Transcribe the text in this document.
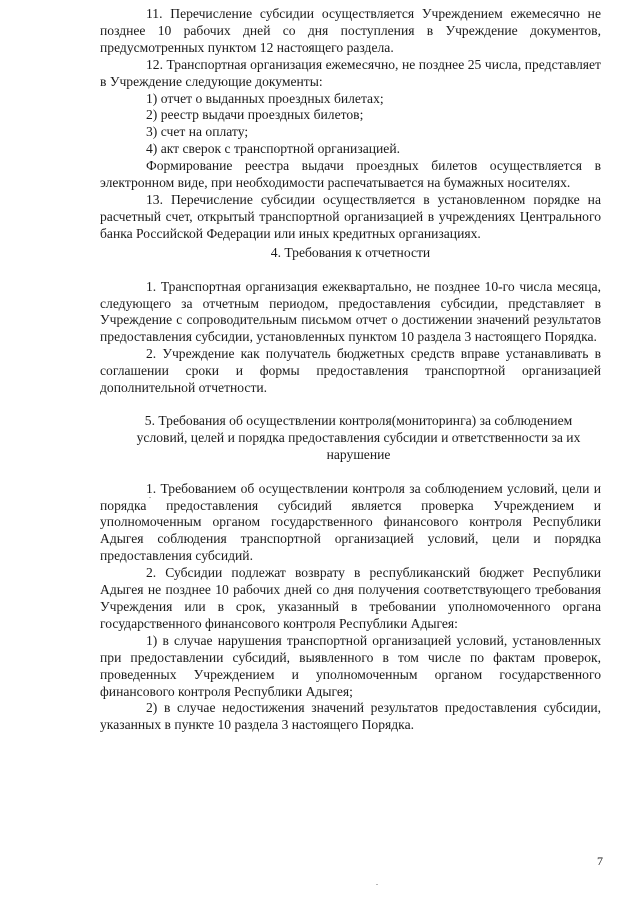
11. Перечисление субсидии осуществляется Учреждением ежемесячно не позднее 10 рабочих дней со дня поступления в Учреждение документов, предусмотренных пунктом 12 настоящего раздела.

12. Транспортная организация ежемесячно, не позднее 25 числа, представляет в Учреждение следующие документы:

1) отчет о выданных проездных билетах;

2) реестр выдачи проездных билетов;

3) счет на оплату;

4) акт сверок с транспортной организацией.

Формирование реестра выдачи проездных билетов осуществляется в электронном виде, при необходимости распечатывается на бумажных носителях.

13. Перечисление субсидии осуществляется в установленном порядке на расчетный счет, открытый транспортной организацией в учреждениях Центрального банка Российской Федерации или иных кредитных организациях.

4. Требования к отчетности

1. Транспортная организация ежеквартально, не позднее 10-го числа месяца, следующего за отчетным периодом, предоставления субсидии, представляет в Учреждение с сопроводительным письмом отчет о достижении значений результатов предоставления субсидии, установленных пунктом 10 раздела 3 настоящего Порядка.

2. Учреждение как получатель бюджетных средств вправе устанавливать в соглашении сроки и формы предоставления транспортной организацией дополнительной отчетности.

5. Требования об осуществлении контроля(мониторинга) за соблюдением условий, целей и порядка предоставления субсидии и ответственности за их нарушение

1. Требованием об осуществлении контроля за соблюдением условий, цели и порядка предоставления субсидий является проверка Учреждением и уполномоченным органом государственного финансового контроля Республики Адыгея соблюдения транспортной организацией условий, цели и порядка предоставления субсидий.

2. Субсидии подлежат возврату в республиканский бюджет Республики Адыгея не позднее 10 рабочих дней со дня получения соответствующего требования Учреждения или в срок, указанный в требовании уполномоченного органа государственного финансового контроля Республики Адыгея:

1) в случае нарушения транспортной организацией условий, установленных при предоставлении субсидий, выявленного в том числе по фактам проверок, проведенных Учреждением и уполномоченным органом государственного финансового контроля Республики Адыгея;

2) в случае недостижения значений результатов предоставления субсидии, указанных в пункте 10 раздела 3 настоящего Порядка.

7
